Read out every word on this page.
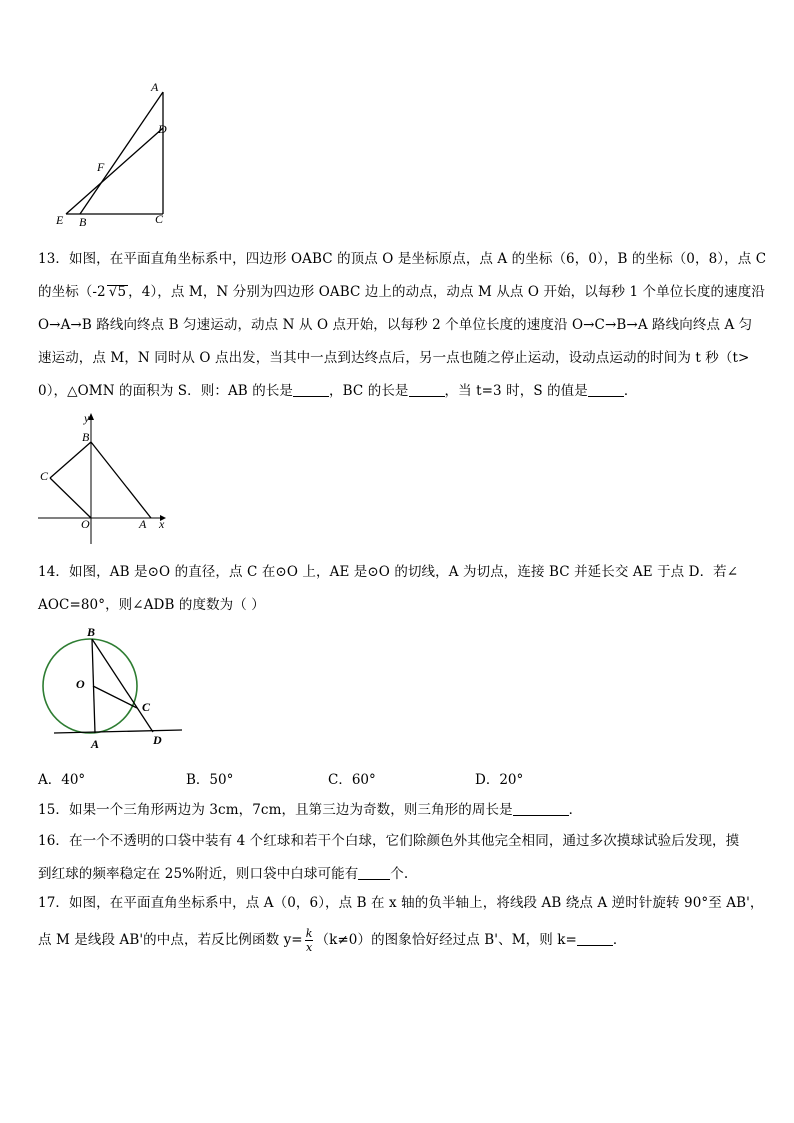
A
D
F
E B	C

13．如图，在平面直角坐标系中，四边形 OABC 的顶点 O 是坐标原点，点 A 的坐标（6，0），B 的坐标（0，8），点 C

的坐标（-2 √5 ，4），点 M，N 分别为四边形 OABC 边上的动点，动点 M 从点 O 开始，以每秒 1 个单位长度的速度沿

O→A→B 路线向终点 B 匀速运动，动点 N 从 O 点开始，以每秒 2 个单位长度的速度沿 O→C→B→A 路线向终点 A 匀

速运动，点 M，N 同时从 O 点出发，当其中一点到达终点后，另一点也随之停止运动，设动点运动的时间为 t 秒（t>

0），△OMN 的面积为 S．则：AB 的长是	，BC 的长是	，当 t=3 时，S 的值是	．

y
B
C
O	A x

14．如图，AB 是⊙O 的直径，点 C 在⊙O 上，AE 是⊙O 的切线，A 为切点，连接 BC 并延长交 AE 于点 D．若∠

AOC=80°，则∠ADB 的度数为（ ）

B
O
C
A	D
A．40°	B．50°	C．60°	D．20°

15．如果一个三角形两边为 3cm，7cm，且第三边为奇数，则三角形的周长是	．

16．在一个不透明的口袋中装有 4 个红球和若干个白球，它们除颜色外其他完全相同，通过多次摸球试验后发现，摸

到红球的频率稳定在 25%附近，则口袋中白球可能有 个.

17．如图，在平面直角坐标系中，点 A（0，6），点 B 在 x 轴的负半轴上，将线段 AB 绕点 A 逆时针旋转 90°至 AB'，

点 M 是线段 AB'的中点，若反比例函数 $y= \frac{k}{x} (k\ne 0)$的图象恰好经过点 B'、M，则 k=	．
